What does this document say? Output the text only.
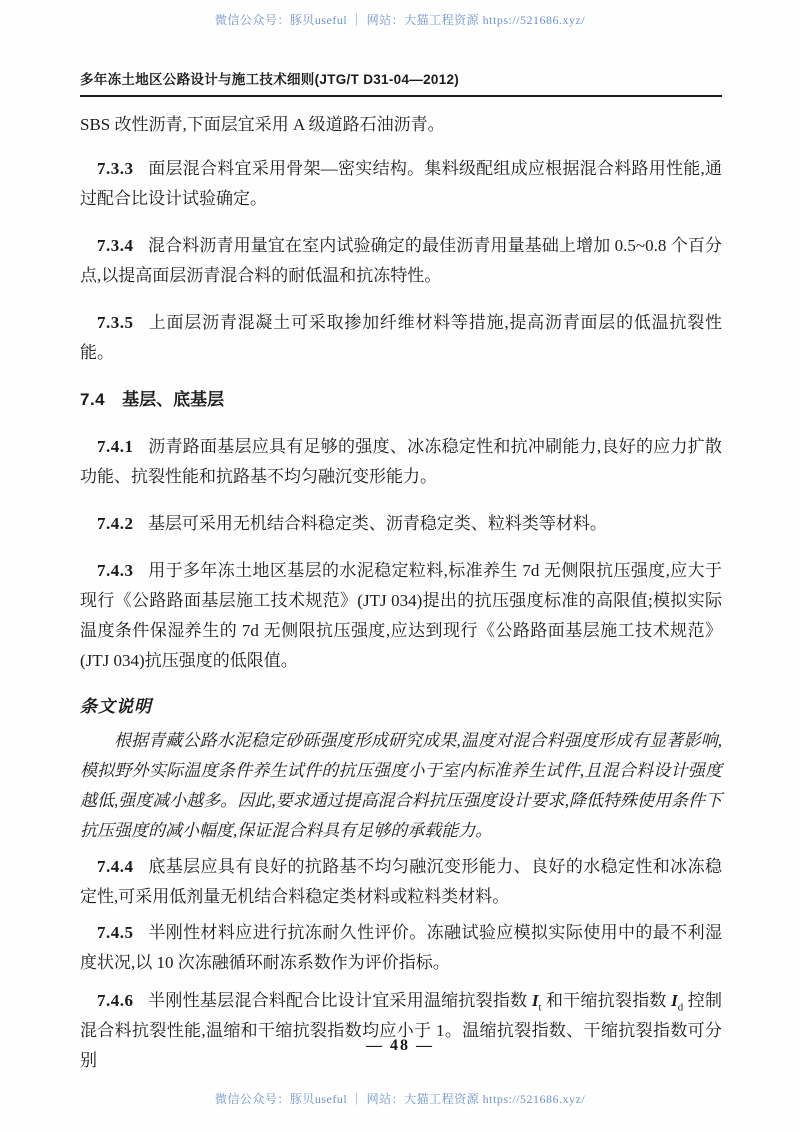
微信公众号：豚贝useful ｜ 网站：大猫工程资源 https://521686.xyz/
多年冻土地区公路设计与施工技术细则(JTG/T D31-04—2012)

SBS 改性沥青,下面层宜采用 A 级道路石油沥青。

7.3.3 面层混合料宜采用骨架—密实结构。集料级配组成应根据混合料路用性能,通过配合比设计试验确定。

7.3.4 混合料沥青用量宜在室内试验确定的最佳沥青用量基础上增加 0.5~0.8 个百分点,以提高面层沥青混合料的耐低温和抗冻特性。

7.3.5 上面层沥青混凝土可采取掺加纤维材料等措施,提高沥青面层的低温抗裂性能。

7.4 基层、底基层

7.4.1 沥青路面基层应具有足够的强度、冰冻稳定性和抗冲刷能力,良好的应力扩散功能、抗裂性能和抗路基不均匀融沉变形能力。

7.4.2 基层可采用无机结合料稳定类、沥青稳定类、粒料类等材料。

7.4.3 用于多年冻土地区基层的水泥稳定粒料,标准养生 7d 无侧限抗压强度,应大于现行《公路路面基层施工技术规范》(JTJ 034)提出的抗压强度标准的高限值;模拟实际温度条件保湿养生的 7d 无侧限抗压强度,应达到现行《公路路面基层施工技术规范》(JTJ 034)抗压强度的低限值。

条文说明

根据青藏公路水泥稳定砂砾强度形成研究成果,温度对混合料强度形成有显著影响,模拟野外实际温度条件养生试件的抗压强度小于室内标准养生试件,且混合料设计强度越低,强度减小越多。因此,要求通过提高混合料抗压强度设计要求,降低特殊使用条件下抗压强度的减小幅度,保证混合料具有足够的承载能力。

7.4.4 底基层应具有良好的抗路基不均匀融沉变形能力、良好的水稳定性和冰冻稳定性,可采用低剂量无机结合料稳定类材料或粒料类材料。

7.4.5 半刚性材料应进行抗冻耐久性评价。冻融试验应模拟实际使用中的最不利湿度状况,以 10 次冻融循环耐冻系数作为评价指标。

7.4.6 半刚性基层混合料配合比设计宜采用温缩抗裂指数 $I_t$ 和干缩抗裂指数 $I_d$ 控制混合料抗裂性能,温缩和干缩抗裂指数均应小于 1。温缩抗裂指数、干缩抗裂指数可分别

— 48 —
微信公众号：豚贝useful ｜ 网站：大猫工程资源 https://521686.xyz/
